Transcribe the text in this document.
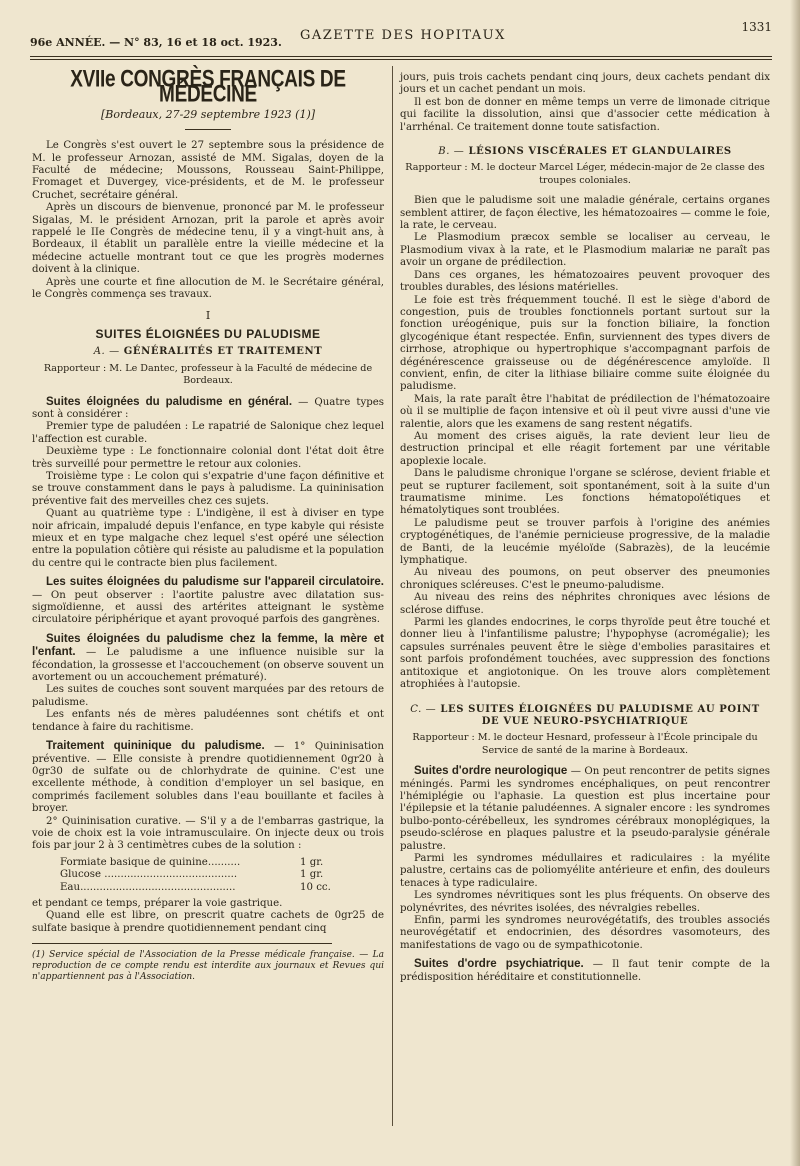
96e ANNÉE. — N° 83, 16 et 18 oct. 1923. GAZETTE DES HOPITAUX
1331
XVIIe CONGRÈS FRANÇAIS DE MÉDECINE
[Bordeaux, 27-29 septembre 1923 (1)]

Le Congrès s'est ouvert le 27 septembre sous la présidence de M. le professeur Arnozan, assisté de MM. Sigalas, doyen de la Faculté de médecine; Moussons, Rousseau Saint-Philippe, Fromaget et Duvergey, vice-présidents, et de M. le professeur Cruchet, secrétaire général.

Après un discours de bienvenue, prononcé par M. le professeur Sigalas, M. le président Arnozan, prit la parole et après avoir rappelé le IIe Congrès de médecine tenu, il y a vingt-huit ans, à Bordeaux, il établit un parallèle entre la vieille médecine et la médecine actuelle montrant tout ce que les progrès modernes doivent à la clinique.

Après une courte et fine allocution de M. le Secrétaire général, le Congrès commença ses travaux.

I
SUITES ÉLOIGNÉES DU PALUDISME
A. — GÉNÉRALITÉS ET TRAITEMENT
Rapporteur : M. Le Dantec, professeur à la Faculté de médecine de Bordeaux.

Suites éloignées du paludisme en général. — Quatre types sont à considérer :

Premier type de paludéen : Le rapatrié de Salonique chez lequel l'affection est curable.

Deuxième type : Le fonctionnaire colonial dont l'état doit être très surveillé pour permettre le retour aux colonies.

Troisième type : Le colon qui s'expatrie d'une façon définitive et se trouve constamment dans le pays à paludisme. La quininisation préventive fait des merveilles chez ces sujets.

Quant au quatrième type : L'indigène, il est à diviser en type noir africain, impaludé depuis l'enfance, en type kabyle qui résiste mieux et en type malgache chez lequel s'est opéré une sélection entre la population côtière qui résiste au paludisme et la population du centre qui le contracte bien plus facilement.

Les suites éloignées du paludisme sur l'appareil circulatoire. — On peut observer : l'aortite palustre avec dilatation sus-sigmoïdienne, et aussi des artérites atteignant le système circulatoire périphérique et ayant provoqué parfois des gangrènes.

Suites éloignées du paludisme chez la femme, la mère et l'enfant. — Le paludisme a une influence nuisible sur la fécondation, la grossesse et l'accouchement (on observe souvent un avortement ou un accouchement prématuré).

Les suites de couches sont souvent marquées par des retours de paludisme.

Les enfants nés de mères paludéennes sont chétifs et ont tendance à faire du rachitisme.

Traitement quininique du paludisme. — 1° Quininisation préventive. — Elle consiste à prendre quotidiennement 0gr20 à 0gr30 de sulfate ou de chlorhydrate de quinine. C'est une excellente méthode, à condition d'employer un sel basique, en comprimés facilement solubles dans l'eau bouillante et faciles à broyer.

2° Quininisation curative. — S'il y a de l'embarras gastrique, la voie de choix est la voie intramusculaire. On injecte deux ou trois fois par jour 2 à 3 centimètres cubes de la solution :

Formiate basique de quinine..........	1 gr.
Glucose .........................................	1 gr.
Eau................................................	10 cc.

et pendant ce temps, préparer la voie gastrique.

Quand elle est libre, on prescrit quatre cachets de 0gr25 de sulfate basique à prendre quotidiennement pendant cinq

(1) Service spécial de l'Association de la Presse médicale française. — La reproduction de ce compte rendu est interdite aux journaux et Revues qui n'appartiennent pas à l'Association.

jours, puis trois cachets pendant cinq jours, deux cachets pendant dix jours et un cachet pendant un mois.

Il est bon de donner en même temps un verre de limonade citrique qui facilite la dissolution, ainsi que d'associer cette médication à l'arrhénal. Ce traitement donne toute satisfaction.

B. — LÉSIONS VISCÉRALES ET GLANDULAIRES
Rapporteur : M. le docteur Marcel Léger, médecin-major de 2e classe des troupes coloniales.

Bien que le paludisme soit une maladie générale, certains organes semblent attirer, de façon élective, les hématozoaires — comme le foie, la rate, le cerveau.

Le Plasmodium præcox semble se localiser au cerveau, le Plasmodium vivax à la rate, et le Plasmodium malariæ ne paraît pas avoir un organe de prédilection.

Dans ces organes, les hématozoaires peuvent provoquer des troubles durables, des lésions matérielles.

Le foie est très fréquemment touché. Il est le siège d'abord de congestion, puis de troubles fonctionnels portant surtout sur la fonction uréogénique, puis sur la fonction biliaire, la fonction glycogénique étant respectée. Enfin, surviennent des types divers de cirrhose, atrophique ou hypertrophique s'accompagnant parfois de dégénérescence graisseuse ou de dégénérescence amyloïde. Il convient, enfin, de citer la lithiase biliaire comme suite éloignée du paludisme.

Mais, la rate paraît être l'habitat de prédilection de l'hématozoaire où il se multiplie de façon intensive et où il peut vivre aussi d'une vie ralentie, alors que les examens de sang restent négatifs.

Au moment des crises aiguës, la rate devient leur lieu de destruction principal et elle réagit fortement par une véritable apoplexie locale.

Dans le paludisme chronique l'organe se sclérose, devient friable et peut se rupturer facilement, soit spontanément, soit à la suite d'un traumatisme minime. Les fonctions hématopoïétiques et hématolytiques sont troublées.

Le paludisme peut se trouver parfois à l'origine des anémies cryptogénétiques, de l'anémie pernicieuse progressive, de la maladie de Banti, de la leucémie myéloïde (Sabrazès), de la leucémie lymphatique.

Au niveau des poumons, on peut observer des pneumonies chroniques scléreuses. C'est le pneumo-paludisme.

Au niveau des reins des néphrites chroniques avec lésions de sclérose diffuse.

Parmi les glandes endocrines, le corps thyroïde peut être touché et donner lieu à l'infantilisme palustre; l'hypophyse (acromégalie); les capsules surrénales peuvent être le siège d'embolies parasitaires et sont parfois profondément touchées, avec suppression des fonctions antitoxique et angiotonique. On les trouve alors complètement atrophiées à l'autopsie.

C. — LES SUITES ÉLOIGNÉES DU PALUDISME AU POINT DE VUE NEURO-PSYCHIATRIQUE
Rapporteur : M. le docteur Hesnard, professeur à l'École principale du Service de santé de la marine à Bordeaux.

Suites d'ordre neurologique — On peut rencontrer de petits signes méningés. Parmi les syndromes encéphaliques, on peut rencontrer l'hémiplégie ou l'aphasie. La question est plus incertaine pour l'épilepsie et la tétanie paludéennes. A signaler encore : les syndromes bulbo-ponto-cérébelleux, les syndromes cérébraux monoplégiques, la pseudo-sclérose en plaques palustre et la pseudo-paralysie générale palustre.

Parmi les syndromes médullaires et radiculaires : la myélite palustre, certains cas de poliomyélite antérieure et enfin, des douleurs tenaces à type radiculaire.

Les syndromes névritiques sont les plus fréquents. On observe des polynévrites, des névrites isolées, des névralgies rebelles.

Enfin, parmi les syndromes neurovégétatifs, des troubles associés neurovégétatif et endocrinien, des désordres vasomoteurs, des manifestations de vago ou de sympathicotonie.

Suites d'ordre psychiatrique. — Il faut tenir compte de la prédisposition héréditaire et constitutionnelle.
